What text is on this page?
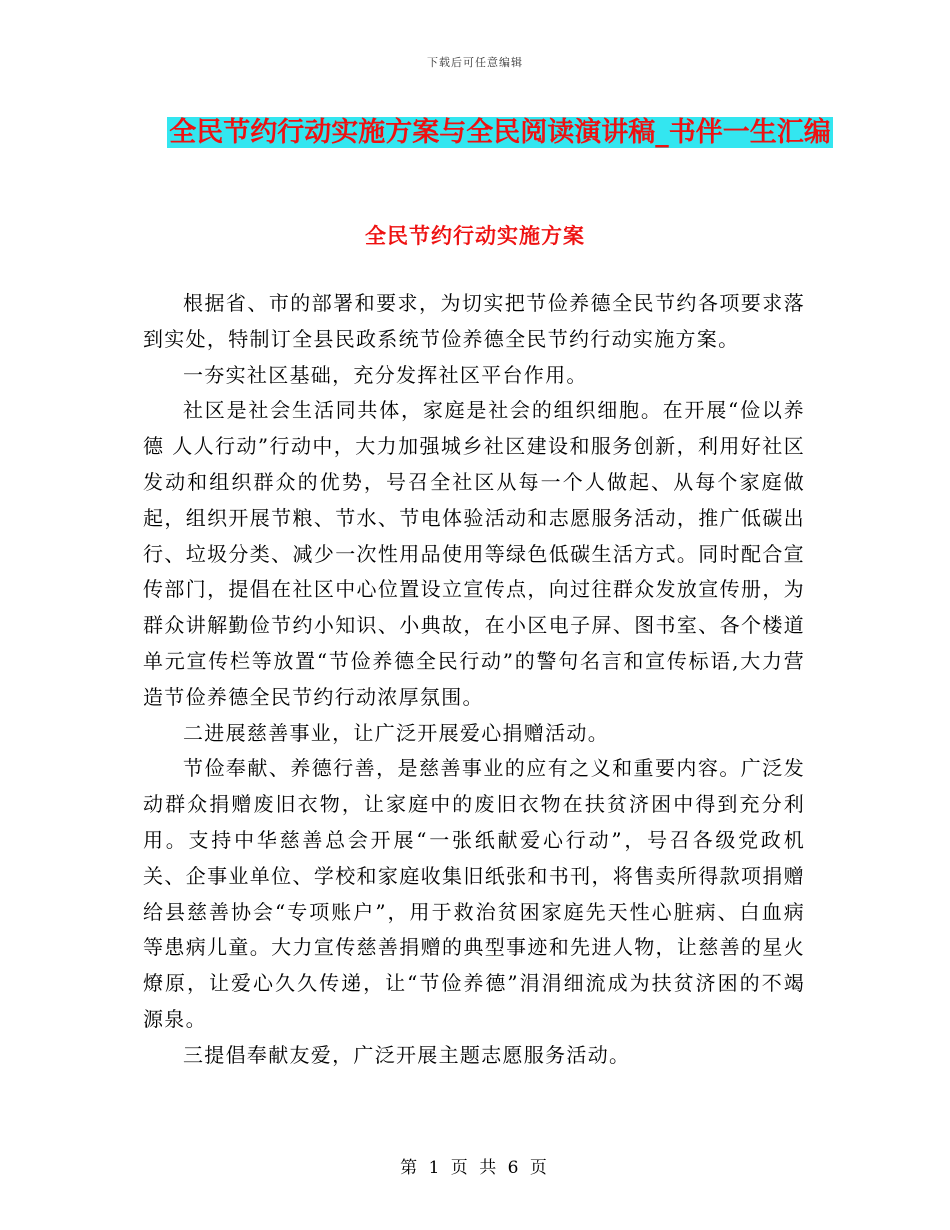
下载后可任意编辑
全民节约行动实施方案与全民阅读演讲稿_书伴一生汇编
全民节约行动实施方案

根据省、市的部署和要求，为切实把节俭养德全民节约各项要求落到实处，特制订全县民政系统节俭养德全民节约行动实施方案。

一夯实社区基础，充分发挥社区平台作用。

社区是社会生活同共体，家庭是社会的组织细胞。在开展“俭以养德 人人行动”行动中，大力加强城乡社区建设和服务创新，利用好社区发动和组织群众的优势，号召全社区从每一个人做起、从每个家庭做起，组织开展节粮、节水、节电体验活动和志愿服务活动，推广低碳出行、垃圾分类、减少一次性用品使用等绿色低碳生活方式。同时配合宣传部门，提倡在社区中心位置设立宣传点，向过往群众发放宣传册，为群众讲解勤俭节约小知识、小典故，在小区电子屏、图书室、各个楼道单元宣传栏等放置“节俭养德全民行动”的警句名言和宣传标语,大力营造节俭养德全民节约行动浓厚氛围。

二进展慈善事业，让广泛开展爱心捐赠活动。

节俭奉献、养德行善，是慈善事业的应有之义和重要内容。广泛发动群众捐赠废旧衣物，让家庭中的废旧衣物在扶贫济困中得到充分利用。支持中华慈善总会开展“一张纸献爱心行动”，号召各级党政机关、企事业单位、学校和家庭收集旧纸张和书刊，将售卖所得款项捐赠给县慈善协会“专项账户”，用于救治贫困家庭先天性心脏病、白血病等患病儿童。大力宣传慈善捐赠的典型事迹和先进人物，让慈善的星火燎原，让爱心久久传递，让“节俭养德”涓涓细流成为扶贫济困的不竭源泉。

三提倡奉献友爱，广泛开展主题志愿服务活动。

第 1 页 共 6 页
